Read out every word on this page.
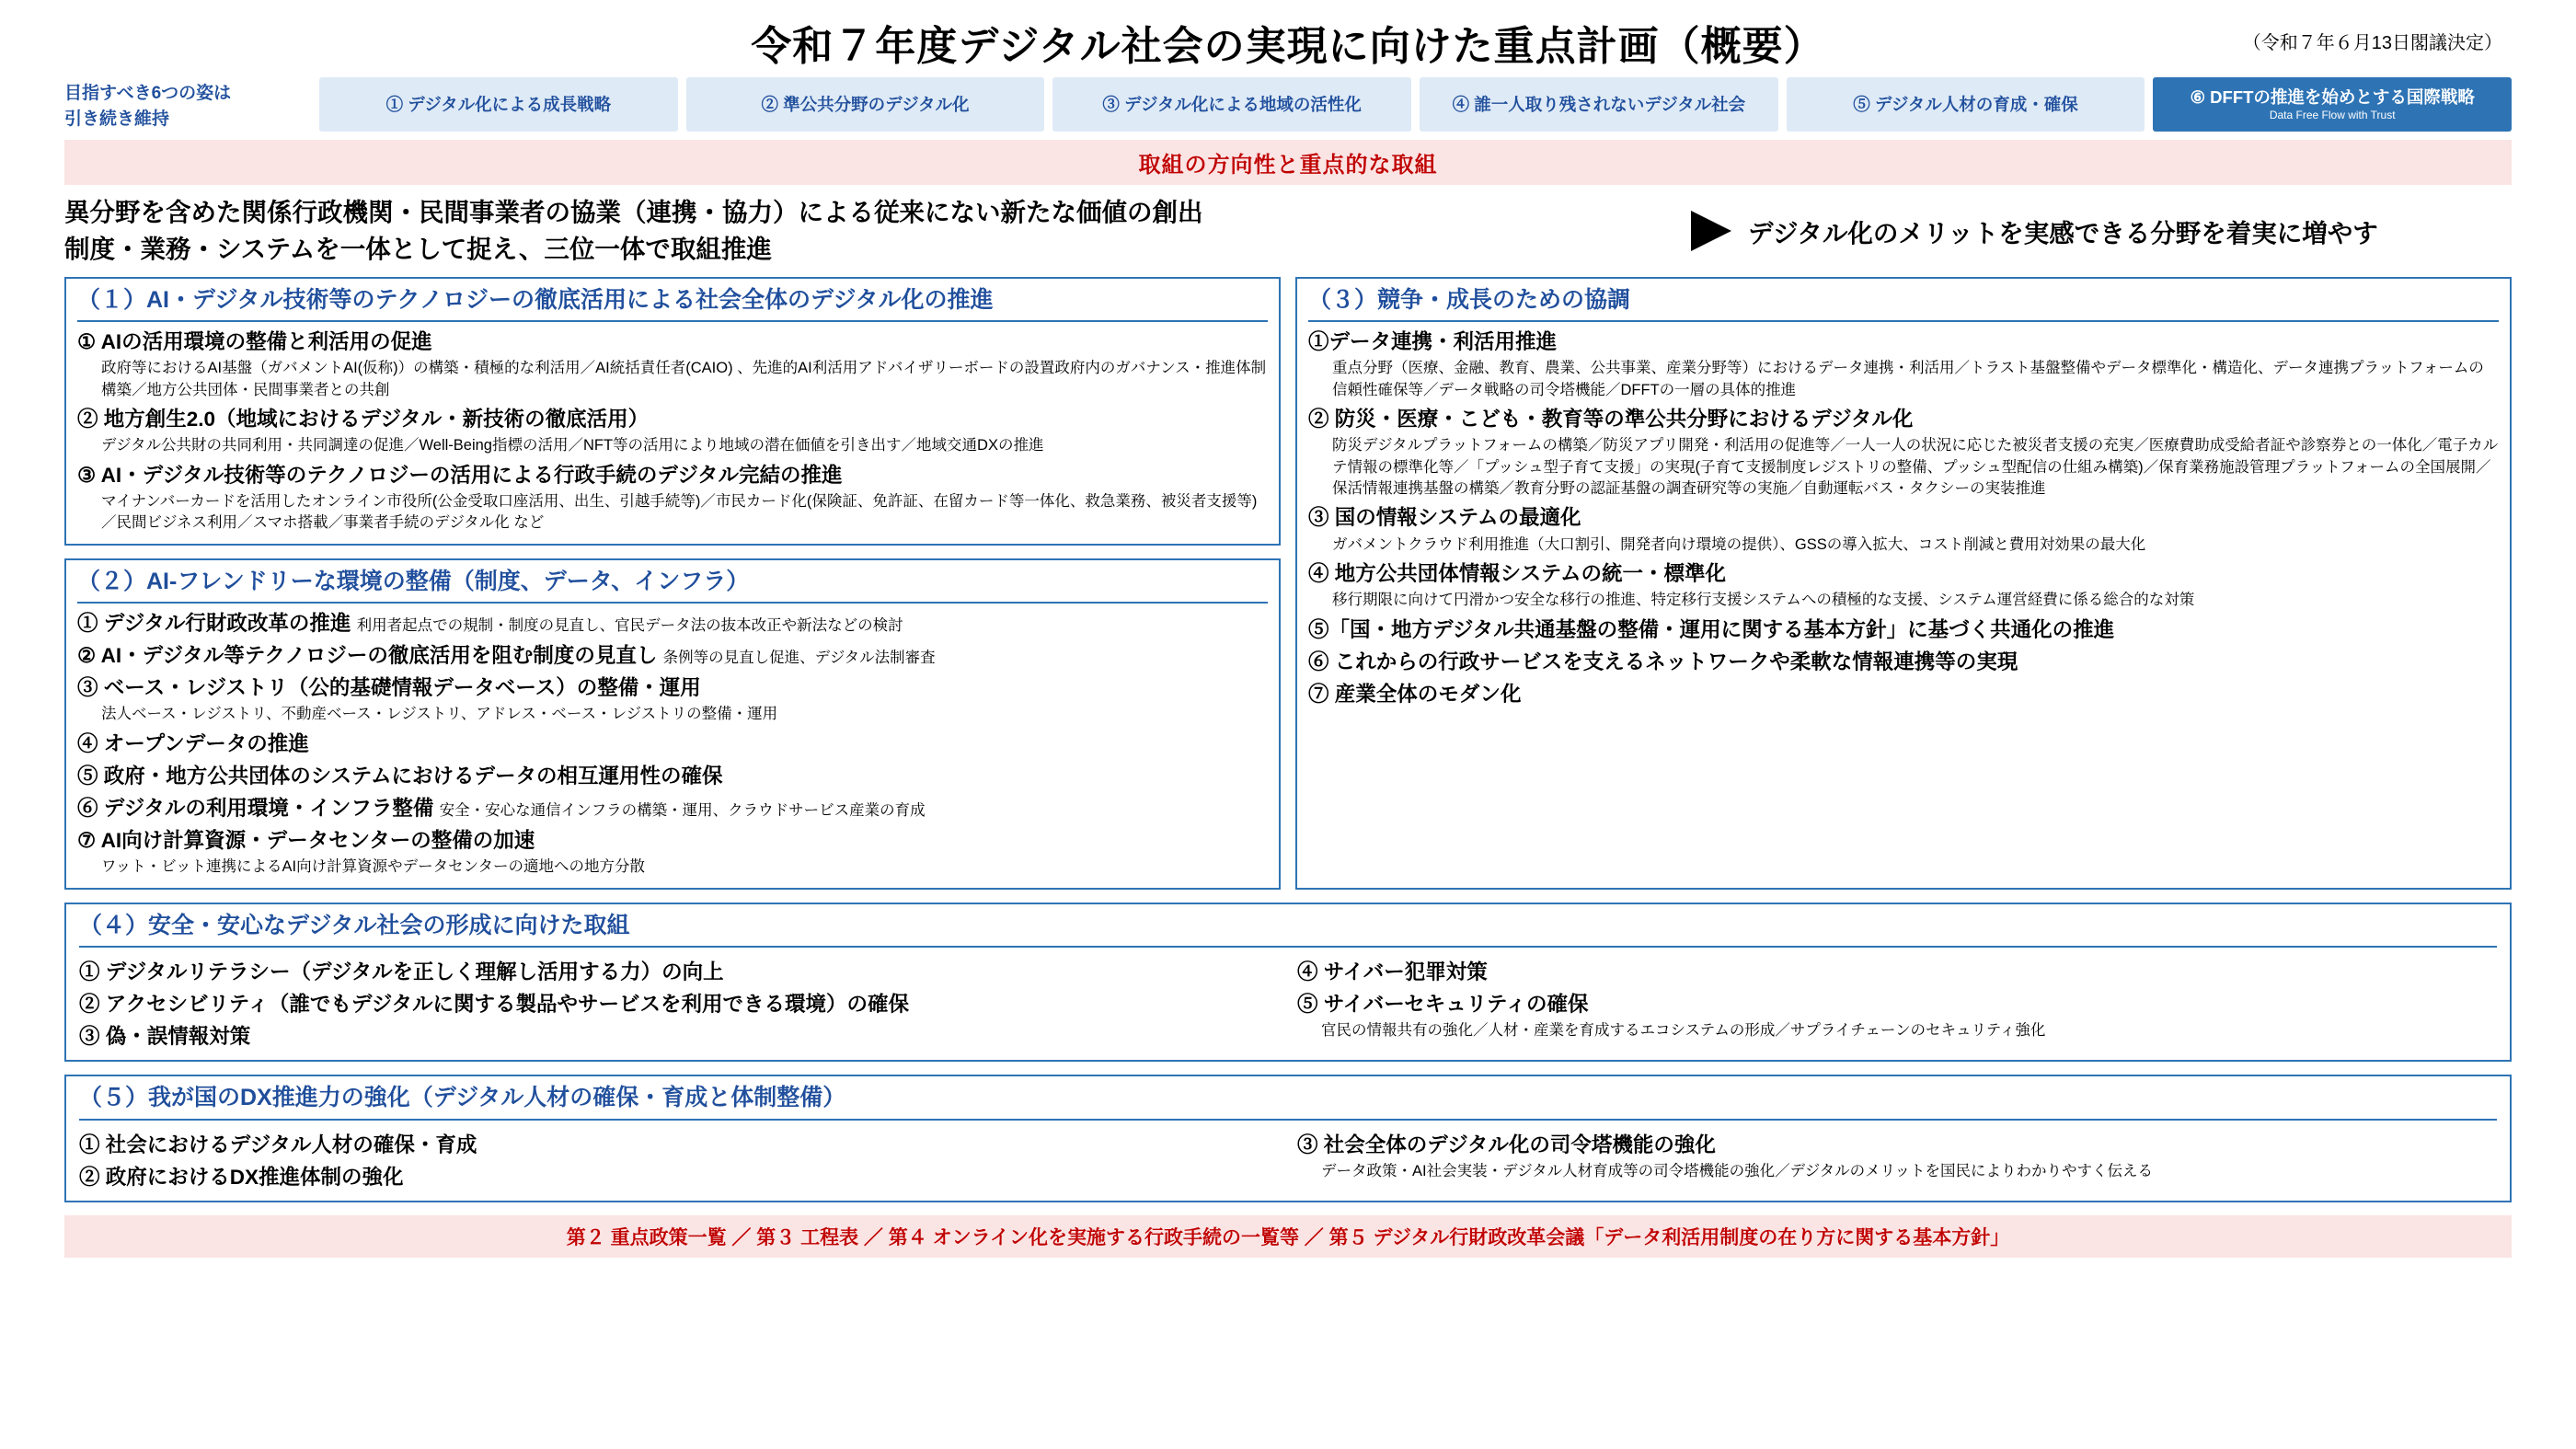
令和７年度デジタル社会の実現に向けた重点計画（概要）	（令和７年６月13日閣議決定）
目指すべき6つの姿は
引き続き維持
① デジタル化による成長戦略	② 準公共分野のデジタル化	③ デジタル化による地域の活性化	④ 誰一人取り残されないデジタル社会	⑤ デジタル人材の育成・確保	⑥ DFFTの推進を始めとする国際戦略
Data Free Flow with Trust
取組の方向性と重点的な取組
異分野を含めた関係行政機関・民間事業者の協業（連携・協力）による従来にない新たな価値の創出
制度・業務・システムを一体として捉え、三位一体で取組推進
デジタル化のメリットを実感できる分野を着実に増やす
（１）AI・デジタル技術等のテクノロジーの徹底活用による社会全体のデジタル化の推進
① AIの活用環境の整備と利活用の促進
政府等におけるAI基盤（ガバメントAI(仮称)）の構築・積極的な利活用／AI統括責任者(CAIO) 、先進的AI利活用アドバイザリーボードの設置政府内のガバナンス・推進体制構築／地方公共団体・民間事業者との共創
② 地方創生2.0（地域におけるデジタル・新技術の徹底活用）
デジタル公共財の共同利用・共同調達の促進／Well-Being指標の活用／NFT等の活用により地域の潜在価値を引き出す／地域交通DXの推進
③ AI・デジタル技術等のテクノロジーの活用による行政手続のデジタル完結の推進
マイナンバーカードを活用したオンライン市役所(公金受取口座活用、出生、引越手続等)／市民カード化(保険証、免許証、在留カード等一体化、救急業務、被災者支援等)／民間ビジネス利用／スマホ搭載／事業者手続のデジタル化 など
（２）AI-フレンドリーな環境の整備（制度、データ、インフラ）
① デジタル行財政改革の推進 利用者起点での規制・制度の見直し、官民データ法の抜本改正や新法などの検討
② AI・デジタル等テクノロジーの徹底活用を阻む制度の見直し 条例等の見直し促進、デジタル法制審査
③ ベース・レジストリ（公的基礎情報データベース）の整備・運用
法人ベース・レジストリ、不動産ベース・レジストリ、アドレス・ベース・レジストリの整備・運用
④ オープンデータの推進
⑤ 政府・地方公共団体のシステムにおけるデータの相互運用性の確保
⑥ デジタルの利用環境・インフラ整備 安全・安心な通信インフラの構築・運用、クラウドサービス産業の育成
⑦ AI向け計算資源・データセンターの整備の加速
ワット・ビット連携によるAI向け計算資源やデータセンターの適地への地方分散
（３）競争・成長のための協調
①データ連携・利活用推進
重点分野（医療、金融、教育、農業、公共事業、産業分野等）におけるデータ連携・利活用／トラスト基盤整備やデータ標準化・構造化、データ連携プラットフォームの信頼性確保等／データ戦略の司令塔機能／DFFTの一層の具体的推進
② 防災・医療・こども・教育等の準公共分野におけるデジタル化
防災デジタルプラットフォームの構築／防災アプリ開発・利活用の促進等／一人一人の状況に応じた被災者支援の充実／医療費助成受給者証や診察券との一体化／電子カルテ情報の標準化等／「プッシュ型子育て支援」の実現(子育て支援制度レジストリの整備、プッシュ型配信の仕組み構築)／保育業務施設管理プラットフォームの全国展開／保活情報連携基盤の構築／教育分野の認証基盤の調査研究等の実施／自動運転バス・タクシーの実装推進
③ 国の情報システムの最適化
ガバメントクラウド利用推進（大口割引、開発者向け環境の提供）、GSSの導入拡大、コスト削減と費用対効果の最大化
④ 地方公共団体情報システムの統一・標準化
移行期限に向けて円滑かつ安全な移行の推進、特定移行支援システムへの積極的な支援、システム運営経費に係る総合的な対策
⑤「国・地方デジタル共通基盤の整備・運用に関する基本方針」に基づく共通化の推進
⑥ これからの行政サービスを支えるネットワークや柔軟な情報連携等の実現
⑦ 産業全体のモダン化
（４）安全・安心なデジタル社会の形成に向けた取組
① デジタルリテラシー（デジタルを正しく理解し活用する力）の向上
② アクセシビリティ（誰でもデジタルに関する製品やサービスを利用できる環境）の確保
③ 偽・誤情報対策
④ サイバー犯罪対策
⑤ サイバーセキュリティの確保
官民の情報共有の強化／人材・産業を育成するエコシステムの形成／サプライチェーンのセキュリティ強化
（５）我が国のDX推進力の強化（デジタル人材の確保・育成と体制整備）
① 社会におけるデジタル人材の確保・育成
② 政府におけるDX推進体制の強化
③ 社会全体のデジタル化の司令塔機能の強化
データ政策・AI社会実装・デジタル人材育成等の司令塔機能の強化／デジタルのメリットを国民によりわかりやすく伝える
第２ 重点政策一覧 ／ 第３ 工程表 ／ 第４ オンライン化を実施する行政手続の一覧等 ／ 第５ デジタル行財政改革会議「データ利活用制度の在り方に関する基本方針」
